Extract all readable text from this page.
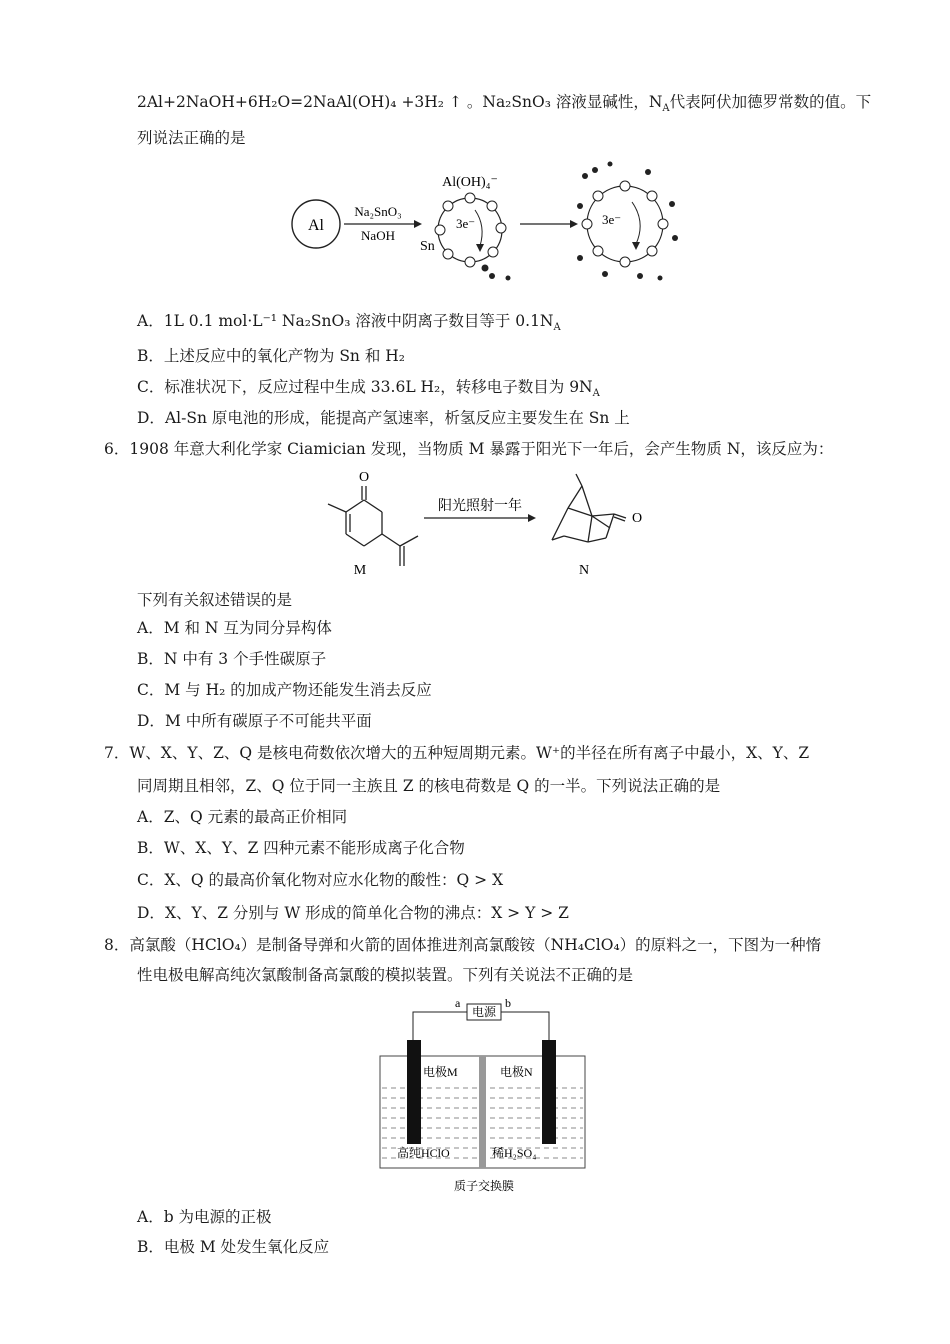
2Al+2NaOH+6H₂O=2NaAl(OH)₄ +3H₂ ↑ 。Na₂SnO₃ 溶液显碱性，$N_A$代表阿伏加德罗常数的值。下
列说法正确的是
Al
Na₂SnO₃
NaOH
Al(OH)₄⁻
3e⁻
Sn
3e⁻
A．1L 0.1 mol·L⁻¹ Na₂SnO₃ 溶液中阴离子数目等于 $0.1N_A$
B．上述反应中的氧化产物为 Sn 和 H₂
C．标准状况下，反应过程中生成 33.6L H₂，转移电子数目为 $9N_A$
D．Al-Sn 原电池的形成，能提高产氢速率，析氢反应主要发生在 Sn 上
6．1908 年意大利化学家 Ciamician 发现，当物质 M 暴露于阳光下一年后，会产生物质 N，该反应为：
O
M
阳光照射一年
O
N
下列有关叙述错误的是
A．M 和 N 互为同分异构体
B．N 中有 3 个手性碳原子
C．M 与 H₂ 的加成产物还能发生消去反应
D．M 中所有碳原子不可能共平面
7．W、X、Y、Z、Q 是核电荷数依次增大的五种短周期元素。W⁺的半径在所有离子中最小，X、Y、Z
同周期且相邻，Z、Q 位于同一主族且 Z 的核电荷数是 Q 的一半。下列说法正确的是
A．Z、Q 元素的最高正价相同
B．W、X、Y、Z 四种元素不能形成离子化合物
C．X、Q 的最高价氧化物对应水化物的酸性：Q > X
D．X、Y、Z 分别与 W 形成的简单化合物的沸点：X > Y > Z
8．高氯酸（HClO₄）是制备导弹和火箭的固体推进剂高氯酸铵（NH₄ClO₄）的原料之一，下图为一种惰
性电极电解高纯次氯酸制备高氯酸的模拟装置。下列有关说法不正确的是
电源
a	b
电极M	电极N
高纯HClO	稀H₂SO₄
质子交换膜
A．b 为电源的正极
B．电极 M 处发生氧化反应
